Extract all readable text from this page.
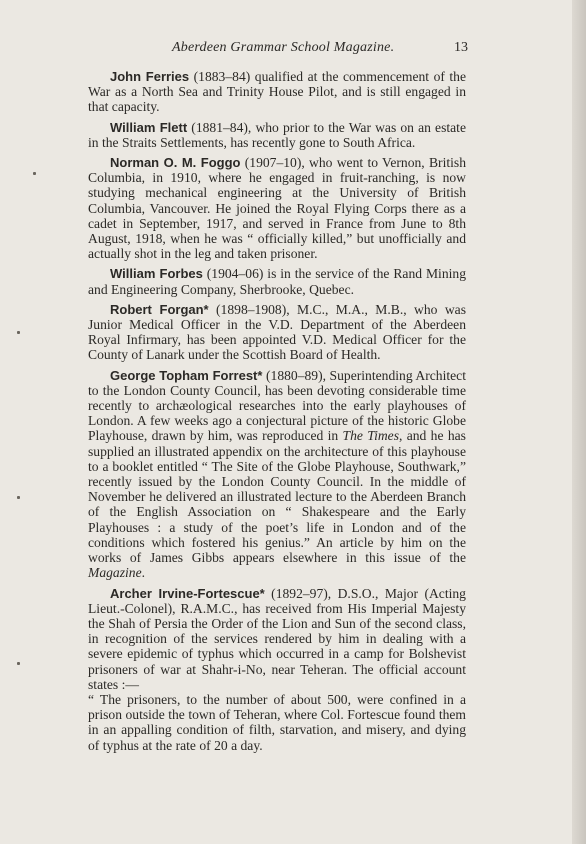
Aberdeen Grammar School Magazine.	13

John Ferries (1883–84) qualified at the commencement of the War as a North Sea and Trinity House Pilot, and is still engaged in that capacity.

William Flett (1881–84), who prior to the War was on an estate in the Straits Settlements, has recently gone to South Africa.

Norman O. M. Foggo (1907–10), who went to Vernon, British Columbia, in 1910, where he engaged in fruit-ranching, is now studying mechanical engineering at the University of British Columbia, Vancouver. He joined the Royal Flying Corps there as a cadet in September, 1917, and served in France from June to 8th August, 1918, when he was “ officially killed,” but unofficially and actually shot in the leg and taken prisoner.

William Forbes (1904–06) is in the service of the Rand Mining and Engineering Company, Sherbrooke, Quebec.

Robert Forgan* (1898–1908), M.C., M.A., M.B., who was Junior Medical Officer in the V.D. Department of the Aberdeen Royal Infirmary, has been appointed V.D. Medical Officer for the County of Lanark under the Scottish Board of Health.

George Topham Forrest* (1880–89), Superintending Architect to the London County Council, has been devoting considerable time recently to archæological researches into the early playhouses of London. A few weeks ago a conjectural picture of the historic Globe Playhouse, drawn by him, was reproduced in The Times, and he has supplied an illustrated appendix on the architecture of this playhouse to a booklet entitled “ The Site of the Globe Playhouse, Southwark,” recently issued by the London County Council. In the middle of November he delivered an illustrated lecture to the Aberdeen Branch of the English Association on “ Shakespeare and the Early Playhouses : a study of the poet’s life in London and of the conditions which fostered his genius.” An article by him on the works of James Gibbs appears elsewhere in this issue of the Magazine.

Archer Irvine-Fortescue* (1892–97), D.S.O., Major (Acting Lieut.-Colonel), R.A.M.C., has received from His Imperial Majesty the Shah of Persia the Order of the Lion and Sun of the second class, in recognition of the services rendered by him in dealing with a severe epidemic of typhus which occurred in a camp for Bolshevist prisoners of war at Shahr-i-No, near Teheran. The official account states :—
“ The prisoners, to the number of about 500, were confined in a prison outside the town of Teheran, where Col. Fortescue found them in an appalling condition of filth, starvation, and misery, and dying of typhus at the rate of 20 a day.
